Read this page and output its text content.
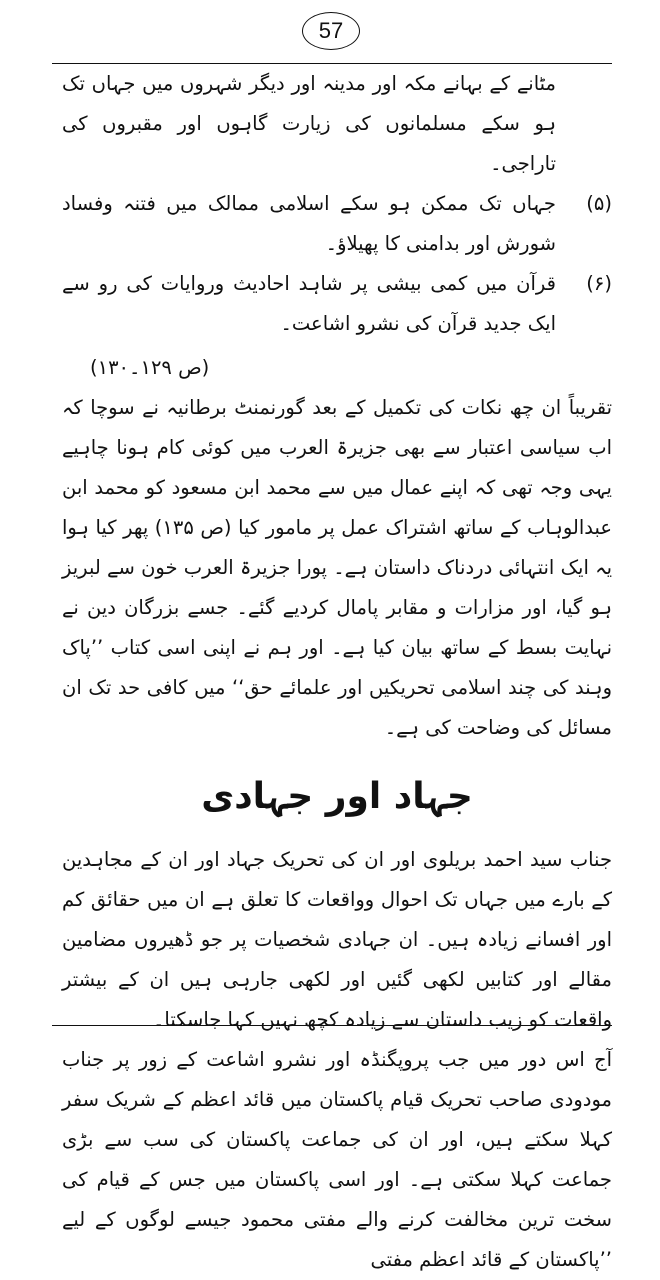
57

مٹانے کے بہانے مکہ اور مدینہ اور دیگر شہروں میں جہاں تک ہو سکے مسلمانوں کی زیارت گاہوں اور مقبروں کی تاراجی۔

(۵)
جہاں تک ممکن ہو سکے اسلامی ممالک میں فتنہ وفساد شورش اور بدامنی کا پھیلاؤ۔
(۶)
قرآن میں کمی بیشی پر شاہد احادیث وروایات کی رو سے ایک جدید قرآن کی نشرو اشاعت۔

(ص ۱۲۹۔۱۳۰)

تقریباً ان چھ نکات کی تکمیل کے بعد گورنمنٹ برطانیہ نے سوچا کہ اب سیاسی اعتبار سے بھی جزیرۃ العرب میں کوئی کام ہونا چاہیے یہی وجہ تھی کہ اپنے عمال میں سے محمد ابن مسعود کو محمد ابن عبدالوہاب کے ساتھ اشتراک عمل پر مامور کیا (ص ۱۳۵) پھر کیا ہوا یہ ایک انتہائی دردناک داستان ہے۔ پورا جزیرۃ العرب خون سے لبریز ہو گیا، اور مزارات و مقابر پامال کردیے گئے۔ جسے بزرگان دین نے نہایت بسط کے ساتھ بیان کیا ہے۔ اور ہم نے اپنی اسی کتاب ’’پاک وہند کی چند اسلامی تحریکیں اور علمائے حق‘‘ میں کافی حد تک ان مسائل کی وضاحت کی ہے۔

جہاد اور جہادی

جناب سید احمد بریلوی اور ان کی تحریک جہاد اور ان کے مجاہدین کے بارے میں جہاں تک احوال وواقعات کا تعلق ہے ان میں حقائق کم اور افسانے زیادہ ہیں۔ ان جہادی شخصیات پر جو ڈھیروں مضامین مقالے اور کتابیں لکھی گئیں اور لکھی جارہی ہیں ان کے بیشتر واقعات کو زیب داستان سے زیادہ کچھ نہیں کہا جاسکتا۔

آج اس دور میں جب پروپگنڈہ اور نشرو اشاعت کے زور پر جناب مودودی صاحب تحریک قیام پاکستان میں قائد اعظم کے شریک سفر کہلا سکتے ہیں، اور ان کی جماعت پاکستان کی سب سے بڑی جماعت کہلا سکتی ہے۔ اور اسی پاکستان میں جس کے قیام کی سخت ترین مخالفت کرنے والے مفتی محمود جیسے لوگوں کے لیے ’’پاکستان کے قائد اعظم مفتی
